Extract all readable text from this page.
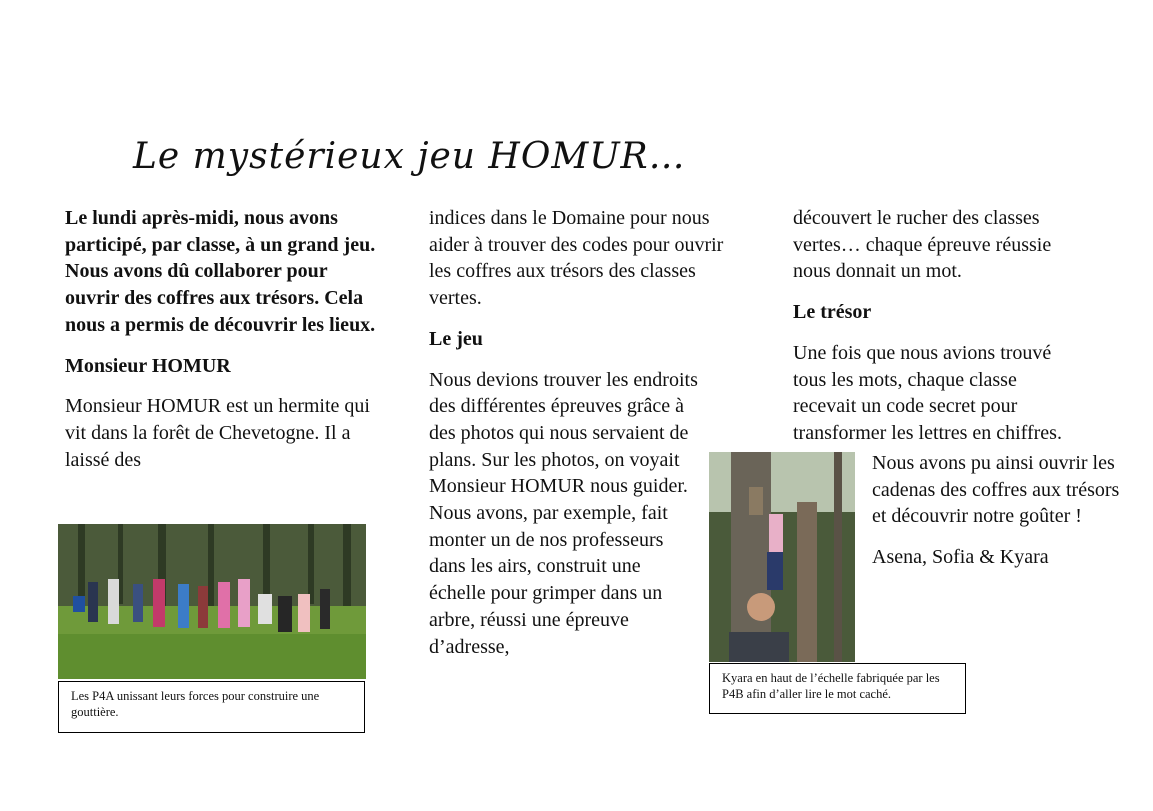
Le mystérieux jeu HOMUR…

Le lundi après-midi, nous avons participé, par classe, à un grand jeu. Nous avons dû collaborer pour ouvrir des coffres aux trésors. Cela nous a permis de découvrir les lieux.

Monsieur HOMUR

Monsieur HOMUR est un hermite qui vit dans la forêt de Chevetogne. Il a laissé des

Les P4A unissant leurs forces pour construire une gouttière.

indices dans le Domaine pour nous aider à trouver des codes pour ouvrir les coffres aux trésors des classes vertes.

Le jeu

Nous devions trouver les endroits des différentes épreuves grâce à des photos qui nous servaient de plans. Sur les photos, on voyait Monsieur HOMUR nous guider. Nous avons, par exemple, fait monter un de nos professeurs dans les airs, construit une échelle pour grimper dans un arbre, réussi une épreuve d’adresse,

Kyara en haut de l’échelle fabriquée par les P4B afin d’aller lire le mot caché.

découvert le rucher des classes vertes… chaque épreuve réussie nous donnait un mot.

Le trésor

Une fois que nous avions trouvé tous les mots, chaque classe recevait un code secret pour transformer les lettres en chiffres.

Nous avons pu ainsi ouvrir les cadenas des coffres aux trésors et découvrir notre goûter !

Asena, Sofia & Kyara
